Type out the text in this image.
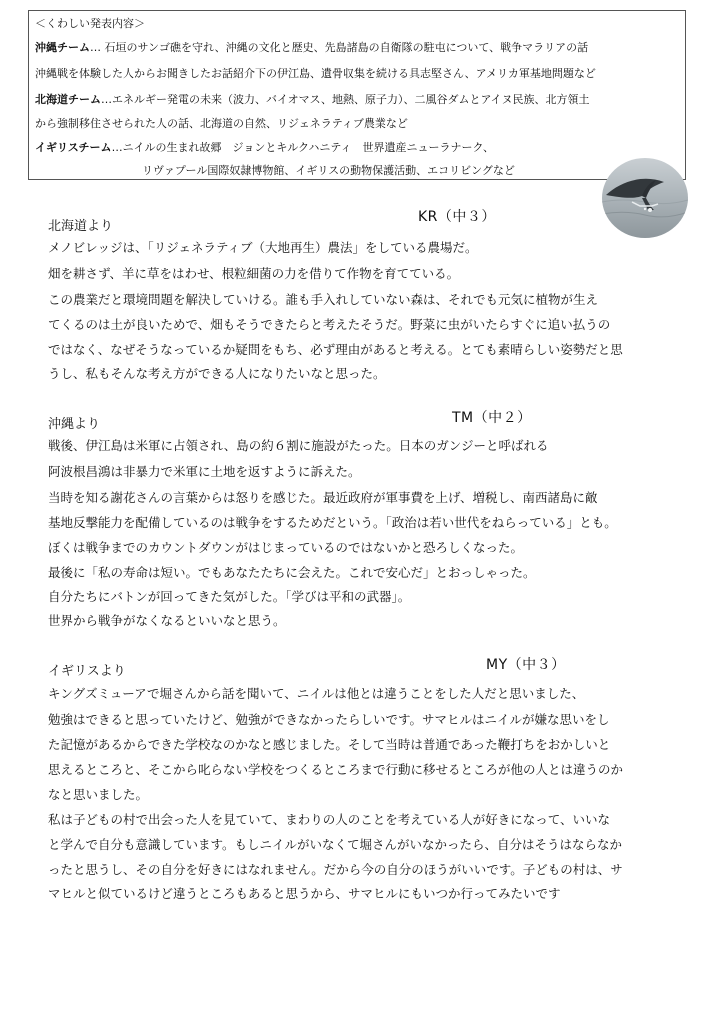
＜くわしい発表内容＞
沖縄チーム… 石垣のサンゴ礁を守れ、沖縄の文化と歴史、先島諸島の自衛隊の駐屯について、戦争マラリアの話
沖縄戦を体験した人からお聞きしたお話紹介下の伊江島、遺骨収集を続ける具志堅さん、アメリカ軍基地問題など
北海道チーム…エネルギー発電の未来（波力、バイオマス、地熱、原子力）、二風谷ダムとアイヌ民族、北方領土
から強制移住させられた人の話、北海道の自然、リジェネラティブ農業など
イギリスチーム…ニイルの生まれ故郷　ジョンとキルクハニティ　世界遺産ニューラナーク、
リヴァプール国際奴隷博物館、イギリスの動物保護活動、エコリビングなど
北海道より
KR（中３）
メノビレッジは、「リジェネラティブ（大地再生）農法」をしている農場だ。
畑を耕さず、羊に草をはわせ、根粒細菌の力を借りて作物を育てている。
この農業だと環境問題を解決していける。誰も手入れしていない森は、それでも元気に植物が生え
てくるのは土が良いためで、畑もそうできたらと考えたそうだ。野菜に虫がいたらすぐに追い払うの
ではなく、なぜそうなっているか疑問をもち、必ず理由があると考える。とても素晴らしい姿勢だと思
うし、私もそんな考え方ができる人になりたいなと思った。
沖縄より	TM（中２）
戦後、伊江島は米軍に占領され、島の約６割に施設がたった。日本のガンジーと呼ばれる
阿波根昌鴻は非暴力で米軍に土地を返すように訴えた。
当時を知る謝花さんの言葉からは怒りを感じた。最近政府が軍事費を上げ、増税し、南西諸島に敵
基地反撃能力を配備しているのは戦争をするためだという。「政治は若い世代をねらっている」とも。
ぼくは戦争までのカウントダウンがはじまっているのではないかと恐ろしくなった。
最後に「私の寿命は短い。でもあなたたちに会えた。これで安心だ」とおっしゃった。
自分たちにバトンが回ってきた気がした。「学びは平和の武器」。
世界から戦争がなくなるといいなと思う。
イギリスより	MY（中３）
キングズミューアで堀さんから話を聞いて、ニイルは他とは違うことをした人だと思いました、
勉強はできると思っていたけど、勉強ができなかったらしいです。サマヒルはニイルが嫌な思いをし
た記憶があるからできた学校なのかなと感じました。そして当時は普通であった鞭打ちをおかしいと
思えるところと、そこから叱らない学校をつくるところまで行動に移せるところが他の人とは違うのか
なと思いました。
私は子どもの村で出会った人を見ていて、まわりの人のことを考えている人が好きになって、いいな
と学んで自分も意識しています。もしニイルがいなくて堀さんがいなかったら、自分はそうはならなか
ったと思うし、その自分を好きにはなれません。だから今の自分のほうがいいです。子どもの村は、サ
マヒルと似ているけど違うところもあると思うから、サマヒルにもいつか行ってみたいです
